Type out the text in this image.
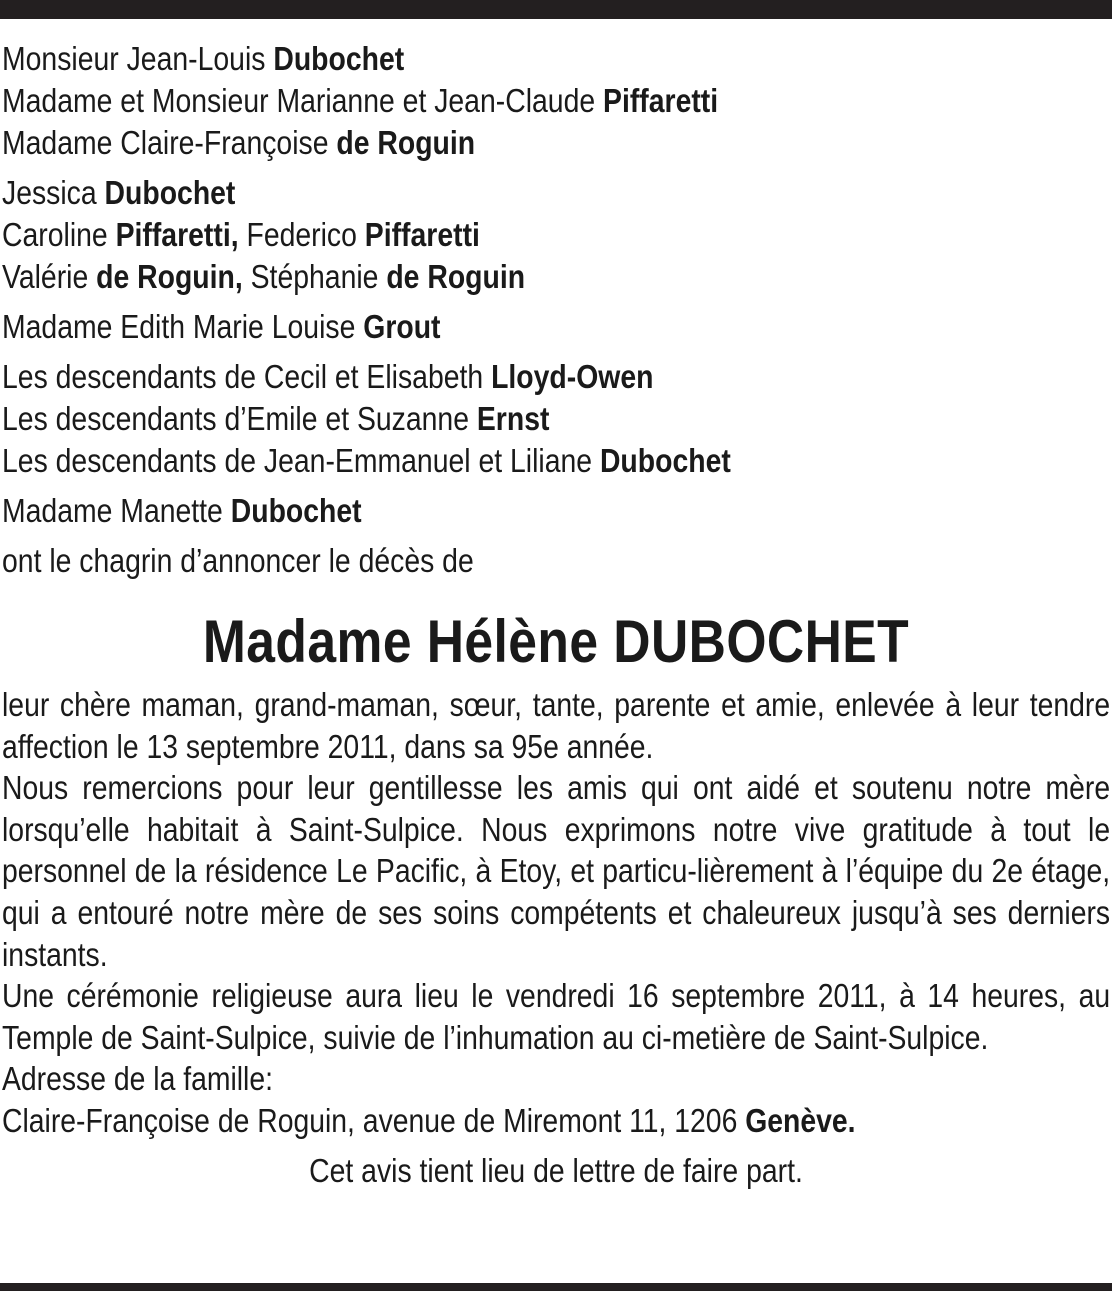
Monsieur Jean-Louis Dubochet
Madame et Monsieur Marianne et Jean-Claude Piffaretti
Madame Claire-Françoise de Roguin
Jessica Dubochet
Caroline Piffaretti, Federico Piffaretti
Valérie de Roguin, Stéphanie de Roguin
Madame Edith Marie Louise Grout
Les descendants de Cecil et Elisabeth Lloyd-Owen
Les descendants d’Emile et Suzanne Ernst
Les descendants de Jean-Emmanuel et Liliane Dubochet
Madame Manette Dubochet
ont le chagrin d’annoncer le décès de
Madame Hélène DUBOCHET

leur chère maman, grand-maman, sœur, tante, parente et amie, enlevée à leur tendre affection le 13 septembre 2011, dans sa 95e année.

Nous remercions pour leur gentillesse les amis qui ont aidé et soutenu notre mère lorsqu’elle habitait à Saint-Sulpice. Nous exprimons notre vive gratitude à tout le personnel de la résidence Le Pacific, à Etoy, et particu-lièrement à l’équipe du 2e étage, qui a entouré notre mère de ses soins compétents et chaleureux jusqu’à ses derniers instants.

Une cérémonie religieuse aura lieu le vendredi 16 septembre 2011, à 14 heures, au Temple de Saint-Sulpice, suivie de l’inhumation au ci-metière de Saint-Sulpice.

Adresse de la famille:

Claire-Françoise de Roguin, avenue de Miremont 11, 1206 Genève.

Cet avis tient lieu de lettre de faire part.
